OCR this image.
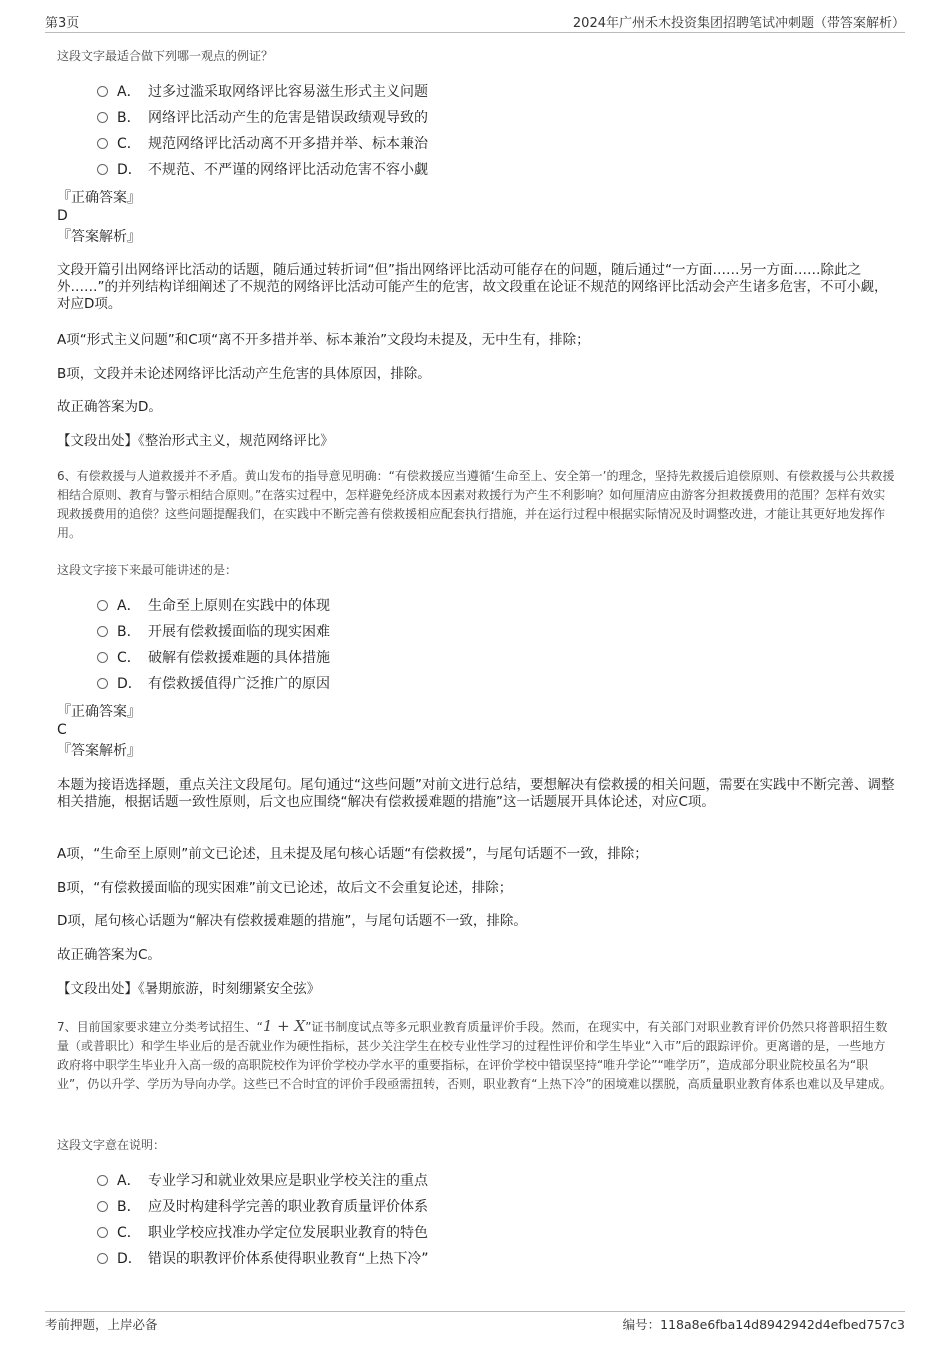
第3页	2024年广州禾木投资集团招聘笔试冲刺题（带答案解析）
这段文字最适合做下列哪一观点的例证？
A． 过多过滥采取网络评比容易滋生形式主义问题
B． 网络评比活动产生的危害是错误政绩观导致的
C． 规范网络评比活动离不开多措并举、标本兼治
D． 不规范、不严谨的网络评比活动危害不容小觑
『正确答案』
D
『答案解析』
文段开篇引出网络评比活动的话题，随后通过转折词“但”指出网络评比活动可能存在的问题，随后通过“一方面……另一方面……除此之外……”的并列结构详细阐述了不规范的网络评比活动可能产生的危害，故文段重在论证不规范的网络评比活动会产生诸多危害，不可小觑，对应D项。
A项“形式主义问题”和C项“离不开多措并举、标本兼治”文段均未提及，无中生有，排除；
B项，文段并未论述网络评比活动产生危害的具体原因，排除。
故正确答案为D。
【文段出处】《整治形式主义，规范网络评比》
6、有偿救援与人道救援并不矛盾。黄山发布的指导意见明确：“有偿救援应当遵循‘生命至上、安全第一’的理念，坚持先救援后追偿原则、有偿救援与公共救援相结合原则、教育与警示相结合原则。”在落实过程中，怎样避免经济成本因素对救援行为产生不利影响？如何厘清应由游客分担救援费用的范围？怎样有效实现救援费用的追偿？这些问题提醒我们，在实践中不断完善有偿救援相应配套执行措施，并在运行过程中根据实际情况及时调整改进，才能让其更好地发挥作用。
这段文字接下来最可能讲述的是：
A． 生命至上原则在实践中的体现
B． 开展有偿救援面临的现实困难
C． 破解有偿救援难题的具体措施
D． 有偿救援值得广泛推广的原因
『正确答案』
C
『答案解析』
本题为接语选择题，重点关注文段尾句。尾句通过“这些问题”对前文进行总结，要想解决有偿救援的相关问题，需要在实践中不断完善、调整相关措施，根据话题一致性原则，后文也应围绕“解决有偿救援难题的措施”这一话题展开具体论述，对应C项。
A项，“生命至上原则”前文已论述，且未提及尾句核心话题“有偿救援”，与尾句话题不一致，排除；
B项，“有偿救援面临的现实困难”前文已论述，故后文不会重复论述，排除；
D项，尾句核心话题为“解决有偿救援难题的措施”，与尾句话题不一致，排除。
故正确答案为C。
【文段出处】《暑期旅游，时刻绷紧安全弦》
7、目前国家要求建立分类考试招生、“1 + X”证书制度试点等多元职业教育质量评价手段。然而，在现实中，有关部门对职业教育评价仍然只将普职招生数量（或普职比）和学生毕业后的是否就业作为硬性指标，甚少关注学生在校专业性学习的过程性评价和学生毕业“入市”后的跟踪评价。更离谱的是，一些地方政府将中职学生毕业升入高一级的高职院校作为评价学校办学水平的重要指标，在评价学校中错误坚持“唯升学论”“唯学历”，造成部分职业院校虽名为“职业”，仍以升学、学历为导向办学。这些已不合时宜的评价手段亟需扭转，否则，职业教育“上热下冷”的困境难以摆脱，高质量职业教育体系也难以及早建成。
这段文字意在说明：
A． 专业学习和就业效果应是职业学校关注的重点
B． 应及时构建科学完善的职业教育质量评价体系
C． 职业学校应找准办学定位发展职业教育的特色
D． 错误的职教评价体系使得职业教育“上热下冷”
考前押题，上岸必备	编号：118a8e6fba14d8942942d4efbed757c3
